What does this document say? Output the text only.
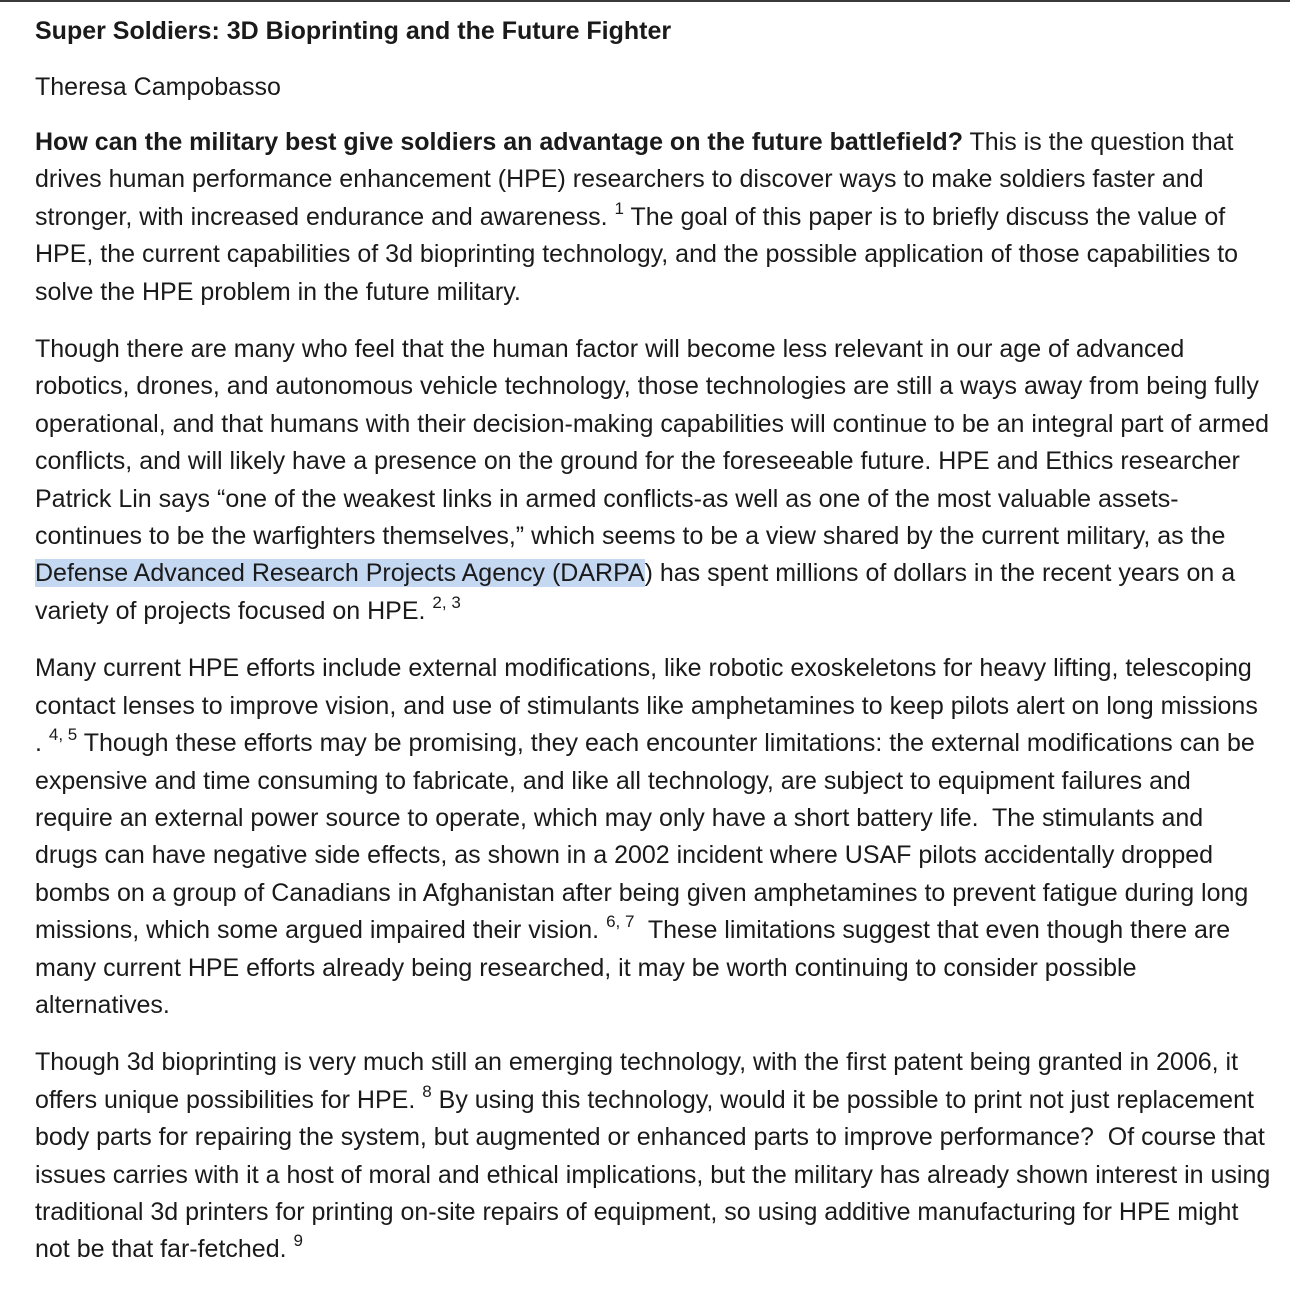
Super Soldiers: 3D Bioprinting and the Future Fighter
Theresa Campobasso

How can the military best give soldiers an advantage on the future battlefield? This is the question that drives human performance enhancement (HPE) researchers to discover ways to make soldiers faster and stronger, with increased endurance and awareness. $^1$ The goal of this paper is to briefly discuss the value of HPE, the current capabilities of 3d bioprinting technology, and the possible application of those capabilities to solve the HPE problem in the future military.

Though there are many who feel that the human factor will become less relevant in our age of advanced robotics, drones, and autonomous vehicle technology, those technologies are still a ways away from being fully operational, and that humans with their decision-making capabilities will continue to be an integral part of armed conflicts, and will likely have a presence on the ground for the foreseeable future. HPE and Ethics researcher Patrick Lin says “one of the weakest links in armed conflicts-as well as one of the most valuable assets-continues to be the warfighters themselves,” which seems to be a view shared by the current military, as the Defense Advanced Research Projects Agency (DARPA) has spent millions of dollars in the recent years on a variety of projects focused on HPE. $^{2, 3}$

Many current HPE efforts include external modifications, like robotic exoskeletons for heavy lifting, telescoping contact lenses to improve vision, and use of stimulants like amphetamines to keep pilots alert on long missions . $^{4, 5}$ Though these efforts may be promising, they each encounter limitations: the external modifications can be expensive and time consuming to fabricate, and like all technology, are subject to equipment failures and require an external power source to operate, which may only have a short battery life.  The stimulants and drugs can have negative side effects, as shown in a 2002 incident where USAF pilots accidentally dropped bombs on a group of Canadians in Afghanistan after being given amphetamines to prevent fatigue during long missions, which some argued impaired their vision. $^{6, 7}$  These limitations suggest that even though there are many current HPE efforts already being researched, it may be worth continuing to consider possible alternatives.

Though 3d bioprinting is very much still an emerging technology, with the first patent being granted in 2006, it offers unique possibilities for HPE. $^8$ By using this technology, would it be possible to print not just replacement body parts for repairing the system, but augmented or enhanced parts to improve performance?  Of course that issues carries with it a host of moral and ethical implications, but the military has already shown interest in using traditional 3d printers for printing on-site repairs of equipment, so using additive manufacturing for HPE might not be that far-fetched. $^9$
